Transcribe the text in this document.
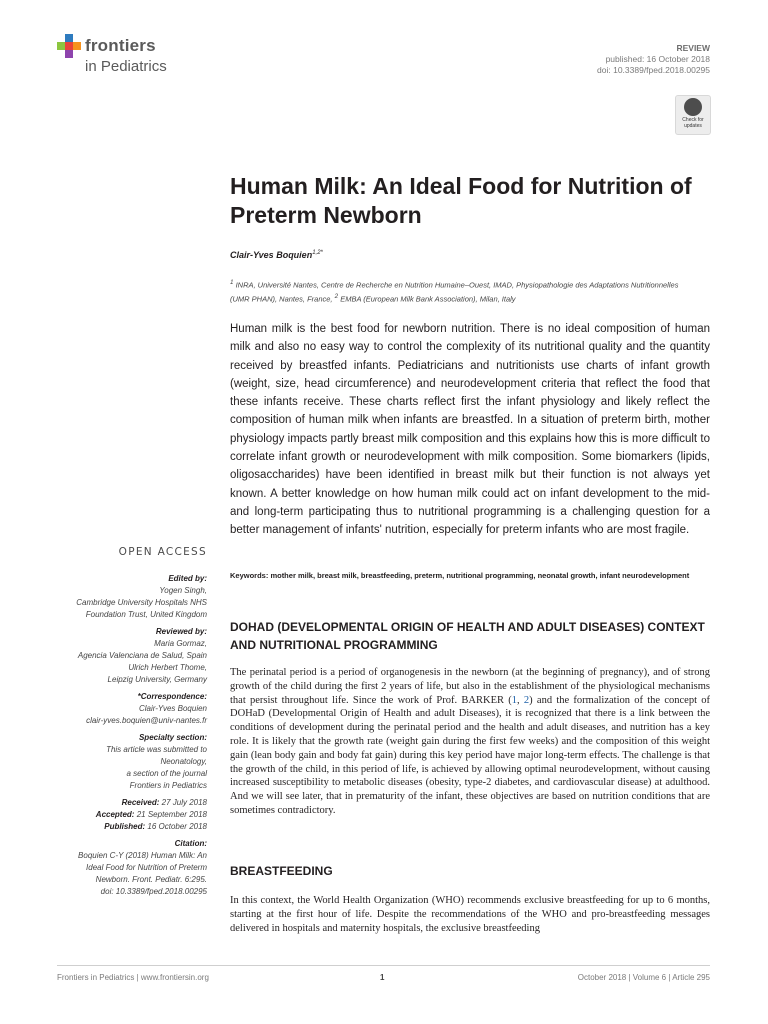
frontiers
in Pediatrics
REVIEW
published: 16 October 2018
doi: 10.3389/fped.2018.00295
Check for updates
Human Milk: An Ideal Food for Nutrition of Preterm Newborn
Clair-Yves Boquien$^{1,2*}$
$^1$ INRA, Université Nantes, Centre de Recherche en Nutrition Humaine–Ouest, IMAD, Physiopathologie des Adaptations Nutritionnelles (UMR PHAN), Nantes, France, $^2$ EMBA (European Milk Bank Association), Milan, Italy
Human milk is the best food for newborn nutrition. There is no ideal composition of human milk and also no easy way to control the complexity of its nutritional quality and the quantity received by breastfed infants. Pediatricians and nutritionists use charts of infant growth (weight, size, head circumference) and neurodevelopment criteria that reflect the food that these infants receive. These charts reflect first the infant physiology and likely reflect the composition of human milk when infants are breastfed. In a situation of preterm birth, mother physiology impacts partly breast milk composition and this explains how this is more difficult to correlate infant growth or neurodevelopment with milk composition. Some biomarkers (lipids, oligosaccharides) have been identified in breast milk but their function is not always yet known. A better knowledge on how human milk could act on infant development to the mid- and long-term participating thus to nutritional programming is a challenging question for a better management of infants' nutrition, especially for preterm infants who are most fragile.
Keywords: mother milk, breast milk, breastfeeding, preterm, nutritional programming, neonatal growth, infant neurodevelopment
OPEN ACCESS
Edited by:
Yogen Singh,
Cambridge University Hospitals NHS
Foundation Trust, United Kingdom
Reviewed by:
Maria Gormaz,
Agencia Valenciana de Salud, Spain
Ulrich Herbert Thome,
Leipzig University, Germany
*Correspondence:
Clair-Yves Boquien
clair-yves.boquien@univ-nantes.fr
Specialty section:
This article was submitted to
Neonatology,
a section of the journal
Frontiers in Pediatrics
Received: 27 July 2018
Accepted: 21 September 2018
Published: 16 October 2018
Citation:
Boquien C-Y (2018) Human Milk: An
Ideal Food for Nutrition of Preterm
Newborn. Front. Pediatr. 6:295.
doi: 10.3389/fped.2018.00295
DOHAD (DEVELOPMENTAL ORIGIN OF HEALTH AND ADULT DISEASES) CONTEXT AND NUTRITIONAL PROGRAMMING
The perinatal period is a period of organogenesis in the newborn (at the beginning of pregnancy), and of strong growth of the child during the first 2 years of life, but also in the establishment of the physiological mechanisms that persist throughout life. Since the work of Prof. BARKER (1, 2) and the formalization of the concept of DOHaD (Developmental Origin of Health and adult Diseases), it is recognized that there is a link between the conditions of development during the perinatal period and the health and adult diseases, and nutrition has a key role. It is likely that the growth rate (weight gain during the first few weeks) and the composition of this weight gain (lean body gain and body fat gain) during this key period have major long-term effects. The challenge is that the growth of the child, in this period of life, is achieved by allowing optimal neurodevelopment, without causing increased susceptibility to metabolic diseases (obesity, type-2 diabetes, and cardiovascular disease) at adulthood. And we will see later, that in prematurity of the infant, these objectives are based on nutrition conditions that are sometimes contradictory.
BREASTFEEDING
In this context, the World Health Organization (WHO) recommends exclusive breastfeeding for up to 6 months, starting at the first hour of life. Despite the recommendations of the WHO and pro-breastfeeding messages delivered in hospitals and maternity hospitals, the exclusive breastfeeding
Frontiers in Pediatrics | www.frontiersin.org	1	October 2018 | Volume 6 | Article 295
